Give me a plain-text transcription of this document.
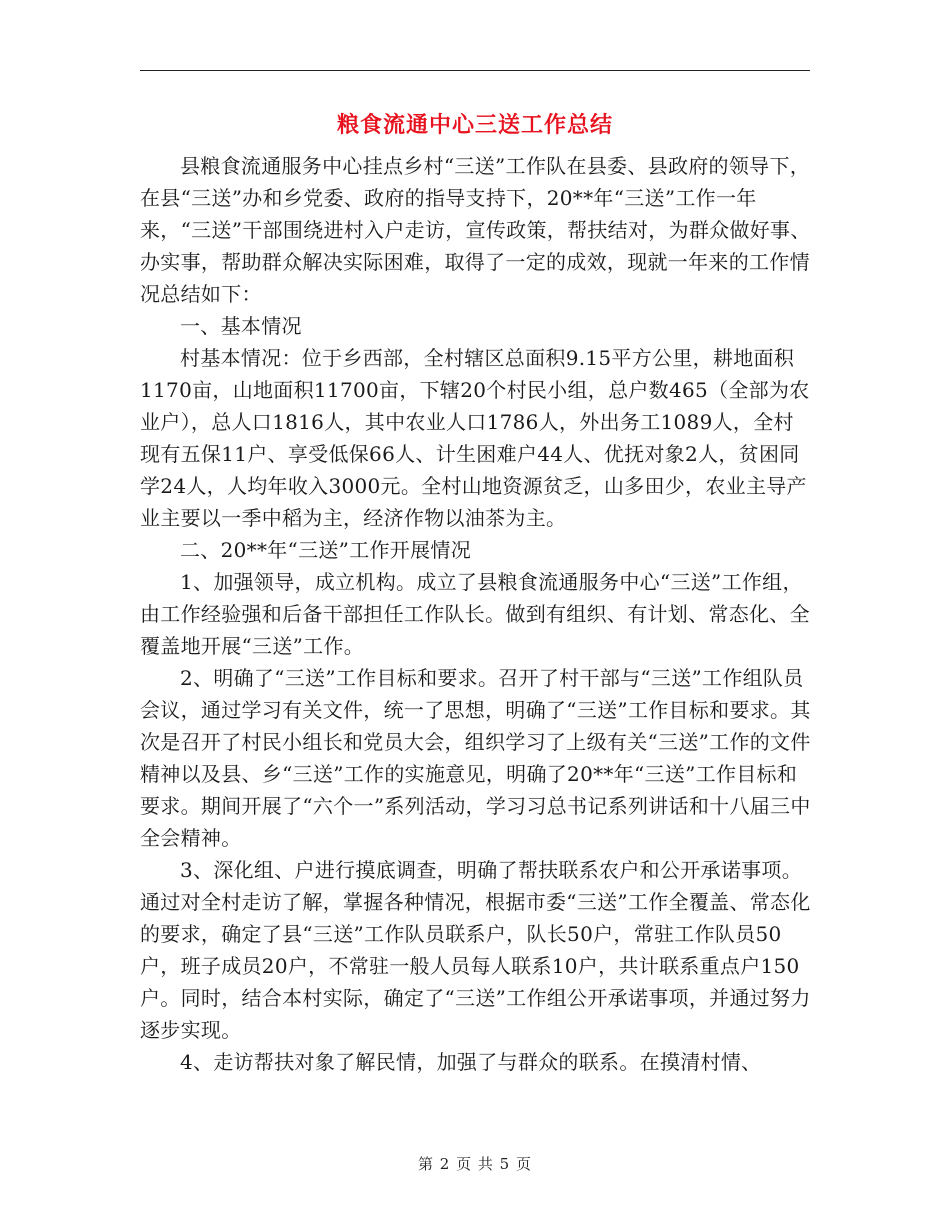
粮食流通中心三送工作总结

县粮食流通服务中心挂点乡村“三送”工作队在县委、县政府的领导下，在县“三送”办和乡党委、政府的指导支持下，20**年“三送”工作一年来，“三送”干部围绕进村入户走访，宣传政策，帮扶结对，为群众做好事、办实事，帮助群众解决实际困难，取得了一定的成效，现就一年来的工作情况总结如下：

一、基本情况

村基本情况：位于乡西部，全村辖区总面积9.15平方公里，耕地面积1170亩，山地面积11700亩，下辖20个村民小组，总户数465（全部为农业户），总人口1816人，其中农业人口1786人，外出务工1089人，全村现有五保11户、享受低保66人、计生困难户44人、优抚对象2人，贫困同学24人，人均年收入3000元。全村山地资源贫乏，山多田少，农业主导产业主要以一季中稻为主，经济作物以油茶为主。

二、20**年“三送”工作开展情况

1、加强领导，成立机构。成立了县粮食流通服务中心“三送”工作组，由工作经验强和后备干部担任工作队长。做到有组织、有计划、常态化、全覆盖地开展“三送”工作。

2、明确了“三送”工作目标和要求。召开了村干部与“三送”工作组队员会议，通过学习有关文件，统一了思想，明确了“三送”工作目标和要求。其次是召开了村民小组长和党员大会，组织学习了上级有关“三送”工作的文件精神以及县、乡“三送”工作的实施意见，明确了20**年“三送”工作目标和要求。期间开展了“六个一”系列活动，学习习总书记系列讲话和十八届三中全会精神。

3、深化组、户进行摸底调查，明确了帮扶联系农户和公开承诺事项。通过对全村走访了解，掌握各种情况，根据市委“三送”工作全覆盖、常态化的要求，确定了县“三送”工作队员联系户，队长50户，常驻工作队员50户，班子成员20户，不常驻一般人员每人联系10户，共计联系重点户150户。同时，结合本村实际，确定了“三送”工作组公开承诺事项，并通过努力逐步实现。

4、走访帮扶对象了解民情，加强了与群众的联系。在摸清村情、

第 2 页 共 5 页
